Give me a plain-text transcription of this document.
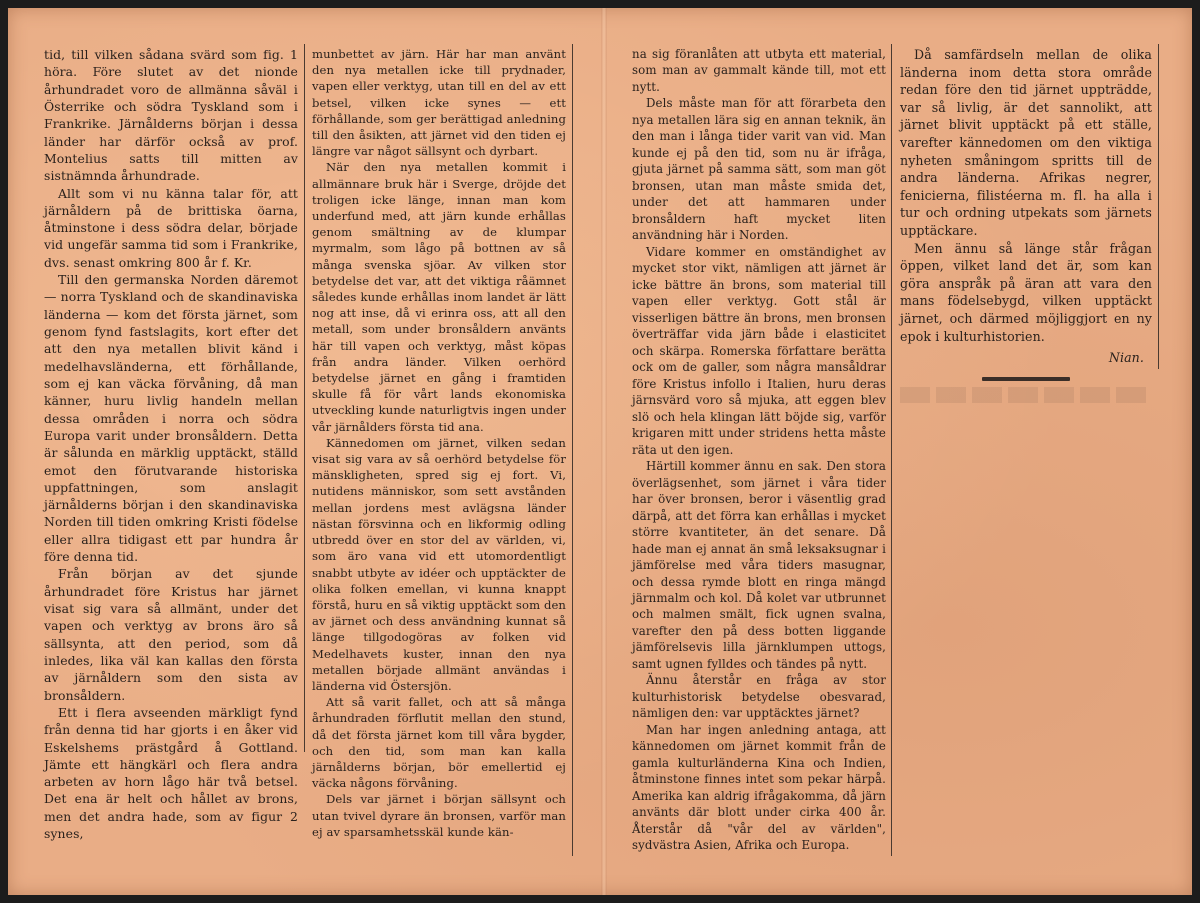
tid, till vilken sådana svärd som fig. 1 höra. Före slutet av det nionde århundradet voro de allmänna såväl i Österrike och södra Tyskland som i Frankrike. Järnålderns början i dessa länder har därför också av prof. Montelius satts till mitten av sistnämnda århundrade.

Allt som vi nu känna talar för, att järnåldern på de brittiska öarna, åtminstone i dess södra delar, började vid ungefär samma tid som i Frankrike, dvs. senast omkring 800 år f. Kr.

Till den germanska Norden däremot — norra Tyskland och de skandinaviska länderna — kom det första järnet, som genom fynd fastslagits, kort efter det att den nya metallen blivit känd i medelhavsländerna, ett förhållande, som ej kan väcka förvåning, då man känner, huru livlig handeln mellan dessa områden i norra och södra Europa varit under bronsåldern. Detta är sålunda en märklig upptäckt, ställd emot den förutvarande historiska uppfattningen, som anslagit järnålderns början i den skandinaviska Norden till tiden omkring Kristi födelse eller allra tidigast ett par hundra år före denna tid.

Från början av det sjunde århundradet före Kristus har järnet visat sig vara så allmänt, under det vapen och verktyg av brons äro så sällsynta, att den period, som då inledes, lika väl kan kallas den första av järnåldern som den sista av bronsåldern.

Ett i flera avseenden märkligt fynd från denna tid har gjorts i en åker vid Eskelshems prästgård å Gottland. Jämte ett hängkärl och flera andra arbeten av horn lågo här två betsel. Det ena är helt och hållet av brons, men det andra hade, som av figur 2 synes,

munbettet av järn. Här har man använt den nya metallen icke till prydnader, vapen eller verktyg, utan till en del av ett betsel, vilken icke synes — ett förhållande, som ger berättigad anledning till den åsikten, att järnet vid den tiden ej längre var något sällsynt och dyrbart.

När den nya metallen kommit i allmännare bruk här i Sverge, dröjde det troligen icke länge, innan man kom underfund med, att järn kunde erhållas genom smältning av de klumpar myrmalm, som lågo på bottnen av så många svenska sjöar. Av vilken stor betydelse det var, att det viktiga råämnet således kunde erhållas inom landet är lätt nog att inse, då vi erinra oss, att all den metall, som under bronsåldern använts här till vapen och verktyg, måst köpas från andra länder. Vilken oerhörd betydelse järnet en gång i framtiden skulle få för vårt lands ekonomiska utveckling kunde naturligtvis ingen under vår järnålders första tid ana.

Kännedomen om järnet, vilken sedan visat sig vara av så oerhörd betydelse för mänskligheten, spred sig ej fort. Vi, nutidens människor, som sett avstånden mellan jordens mest avlägsna länder nästan försvinna och en likformig odling utbredd över en stor del av världen, vi, som äro vana vid ett utomordentligt snabbt utbyte av idéer och upptäckter de olika folken emellan, vi kunna knappt förstå, huru en så viktig upptäckt som den av järnet och dess användning kunnat så länge tillgodogöras av folken vid Medelhavets kuster, innan den nya metallen började allmänt användas i länderna vid Östersjön.

Att så varit fallet, och att så många århundraden förflutit mellan den stund, då det första järnet kom till våra bygder, och den tid, som man kan kalla järnålderns början, bör emellertid ej väcka någons förvåning.

Dels var järnet i början sällsynt och utan tvivel dyrare än bronsen, varför man ej av sparsamhetsskäl kunde kän-

na sig föranlåten att utbyta ett material, som man av gammalt kände till, mot ett nytt.

Dels måste man för att förarbeta den nya metallen lära sig en annan teknik, än den man i långa tider varit van vid. Man kunde ej på den tid, som nu är ifråga, gjuta järnet på samma sätt, som man göt bronsen, utan man måste smida det, under det att hammaren under bronsåldern haft mycket liten användning här i Norden.

Vidare kommer en omständighet av mycket stor vikt, nämligen att järnet är icke bättre än brons, som material till vapen eller verktyg. Gott stål är visserligen bättre än brons, men bronsen överträffar vida järn både i elasticitet och skärpa. Romerska författare berätta ock om de galler, som några mansåldrar före Kristus infollo i Italien, huru deras järnsvärd voro så mjuka, att eggen blev slö och hela klingan lätt böjde sig, varför krigaren mitt under stridens hetta måste räta ut den igen.

Härtill kommer ännu en sak. Den stora överlägsenhet, som järnet i våra tider har över bronsen, beror i väsentlig grad därpå, att det förra kan erhållas i mycket större kvantiteter, än det senare. Då hade man ej annat än små leksaksugnar i jämförelse med våra tiders masugnar, och dessa rymde blott en ringa mängd järnmalm och kol. Då kolet var utbrunnet och malmen smält, fick ugnen svalna, varefter den på dess botten liggande jämförelsevis lilla järnklumpen uttogs, samt ugnen fylldes och tändes på nytt.

Ännu återstår en fråga av stor kulturhistorisk betydelse obesvarad, nämligen den: var upptäcktes järnet?

Man har ingen anledning antaga, att kännedomen om järnet kommit från de gamla kulturländerna Kina och Indien, åtminstone finnes intet som pekar härpå. Amerika kan aldrig ifrågakomma, då järn använts där blott under cirka 400 år. Återstår då "vår del av världen", sydvästra Asien, Afrika och Europa.

Då samfärdseln mellan de olika länderna inom detta stora område redan före den tid järnet uppträdde, var så livlig, är det sannolikt, att järnet blivit upptäckt på ett ställe, varefter kännedomen om den viktiga nyheten småningom spritts till de andra länderna. Afrikas negrer, fenicierna, filistéerna m. fl. ha alla i tur och ordning utpekats som järnets upptäckare.

Men ännu så länge står frågan öppen, vilket land det är, som kan göra anspråk på äran att vara den mans födelsebygd, vilken upptäckt järnet, och därmed möjliggjort en ny epok i kulturhistorien.

Nian.
